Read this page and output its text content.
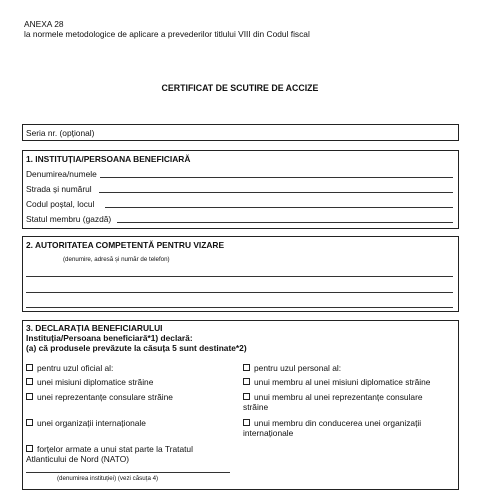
ANEXA 28
la normele metodologice de aplicare a prevederilor titlului VIII din Codul fiscal
CERTIFICAT DE SCUTIRE DE ACCIZE
Seria nr. (opțional)
1. INSTITUȚIA/PERSOANA BENEFICIARĂ
Denumirea/numele
Strada și numărul
Codul poștal, locul
Statul membru (gazdă)
2. AUTORITATEA COMPETENTĂ PENTRU VIZARE
(denumire, adresă și număr de telefon)
3. DECLARAȚIA BENEFICIARULUI
Instituția/Persoana beneficiară*1) declară:
(a) că produsele prevăzute la căsuța 5 sunt destinate*2)
pentru uzul oficial al:
unei misiuni diplomatice străine
unei reprezentanțe consulare străine
unei organizații internaționale
forțelor armate a unui stat parte la Tratatul
Atlanticului de Nord (NATO)
(denumirea instituției) (vezi căsuța 4)
pentru uzul personal al:
unui membru al unei misiuni diplomatice străine
unui membru al unei reprezentanțe consulare
străine
unui membru din conducerea unei organizații
internaționale
